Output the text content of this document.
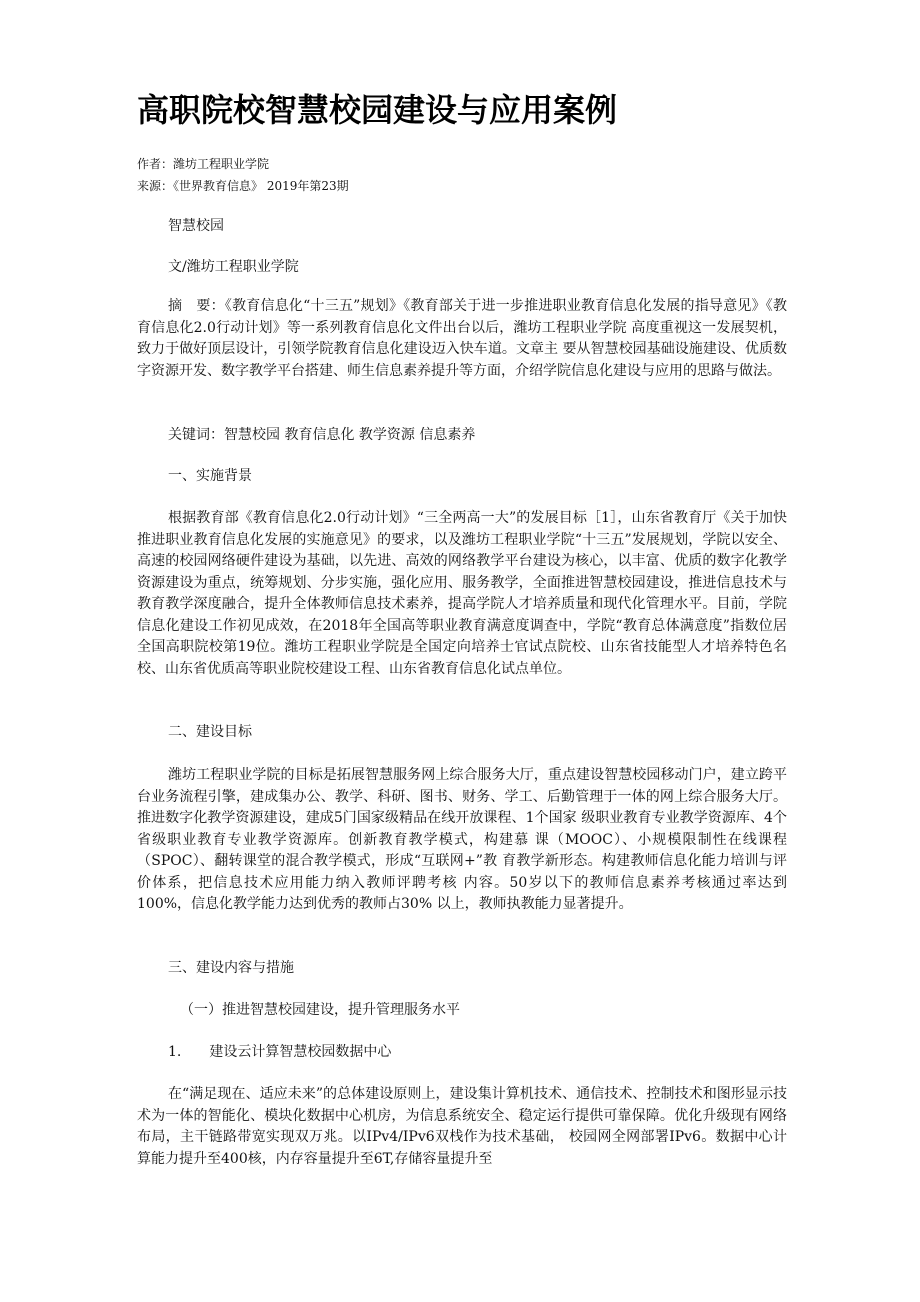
高职院校智慧校园建设与应用案例
作者：潍坊工程职业学院
来源：《世界教育信息》 2019年第23期
智慧校园
文/潍坊工程职业学院
摘　要：《教育信息化“十三五”规划》《教育部关于进一步推进职业教育信息化发展的指导意见》《教育信息化2.0行动计划》等一系列教育信息化文件出台以后，潍坊工程职业学院 高度重视这一发展契机，致力于做好顶层设计，引领学院教育信息化建设迈入快车道。文章主 要从智慧校园基础设施建设、优质数字资源开发、数字教学平台搭建、师生信息素养提升等方面，介绍学院信息化建设与应用的思路与做法。
关键词：智慧校园 教育信息化 教学资源 信息素养
一、实施背景
根据教育部《教育信息化2.0行动计划》“三全两高一大”的发展目标［1］，山东省教育厅《关于加快推进职业教育信息化发展的实施意见》的要求，以及潍坊工程职业学院“十三五”发展规划，学院以安全、高速的校园网络硬件建设为基础，以先进、高效的网络教学平台建设为核心，以丰富、优质的数字化教学资源建设为重点，统筹规划、分步实施，强化应用、服务教学，全面推进智慧校园建设，推进信息技术与教育教学深度融合，提升全体教师信息技术素养，提高学院人才培养质量和现代化管理水平。目前，学院信息化建设工作初见成效，在2018年全国高等职业教育满意度调查中，学院“教育总体满意度”指数位居全国高职院校第19位。潍坊工程职业学院是全国定向培养士官试点院校、山东省技能型人才培养特色名校、山东省优质高等职业院校建设工程、山东省教育信息化试点单位。
二、建设目标
潍坊工程职业学院的目标是拓展智慧服务网上综合服务大厅，重点建设智慧校园移动门户，建立跨平台业务流程引擎，建成集办公、教学、科研、图书、财务、学工、后勤管理于一体的网上综合服务大厅。推进数字化教学资源建设，建成5门国家级精品在线开放课程、1个国家 级职业教育专业教学资源库、4个省级职业教育专业教学资源库。创新教育教学模式，构建慕 课（MOOC）、小规模限制性在线课程（SPOC）、翻转课堂的混合教学模式，形成“互联网+”教 育教学新形态。构建教师信息化能力培训与评价体系，把信息技术应用能力纳入教师评聘考核 内容。50岁以下的教师信息素养考核通过率达到100%，信息化教学能力达到优秀的教师占30% 以上，教师执教能力显著提升。
三、建设内容与措施
（一）推进智慧校园建设，提升管理服务水平
1.　　建设云计算智慧校园数据中心
在“满足现在、适应未来”的总体建设原则上，建设集计算机技术、通信技术、控制技术和图形显示技术为一体的智能化、模块化数据中心机房，为信息系统安全、稳定运行提供可靠保障。优化升级现有网络布局，主干链路带宽实现双万兆。以IPv4/IPv6双栈作为技术基础， 校园网全网部署IPv6。数据中心计算能力提升至400核，内存容量提升至6T,存储容量提升至
